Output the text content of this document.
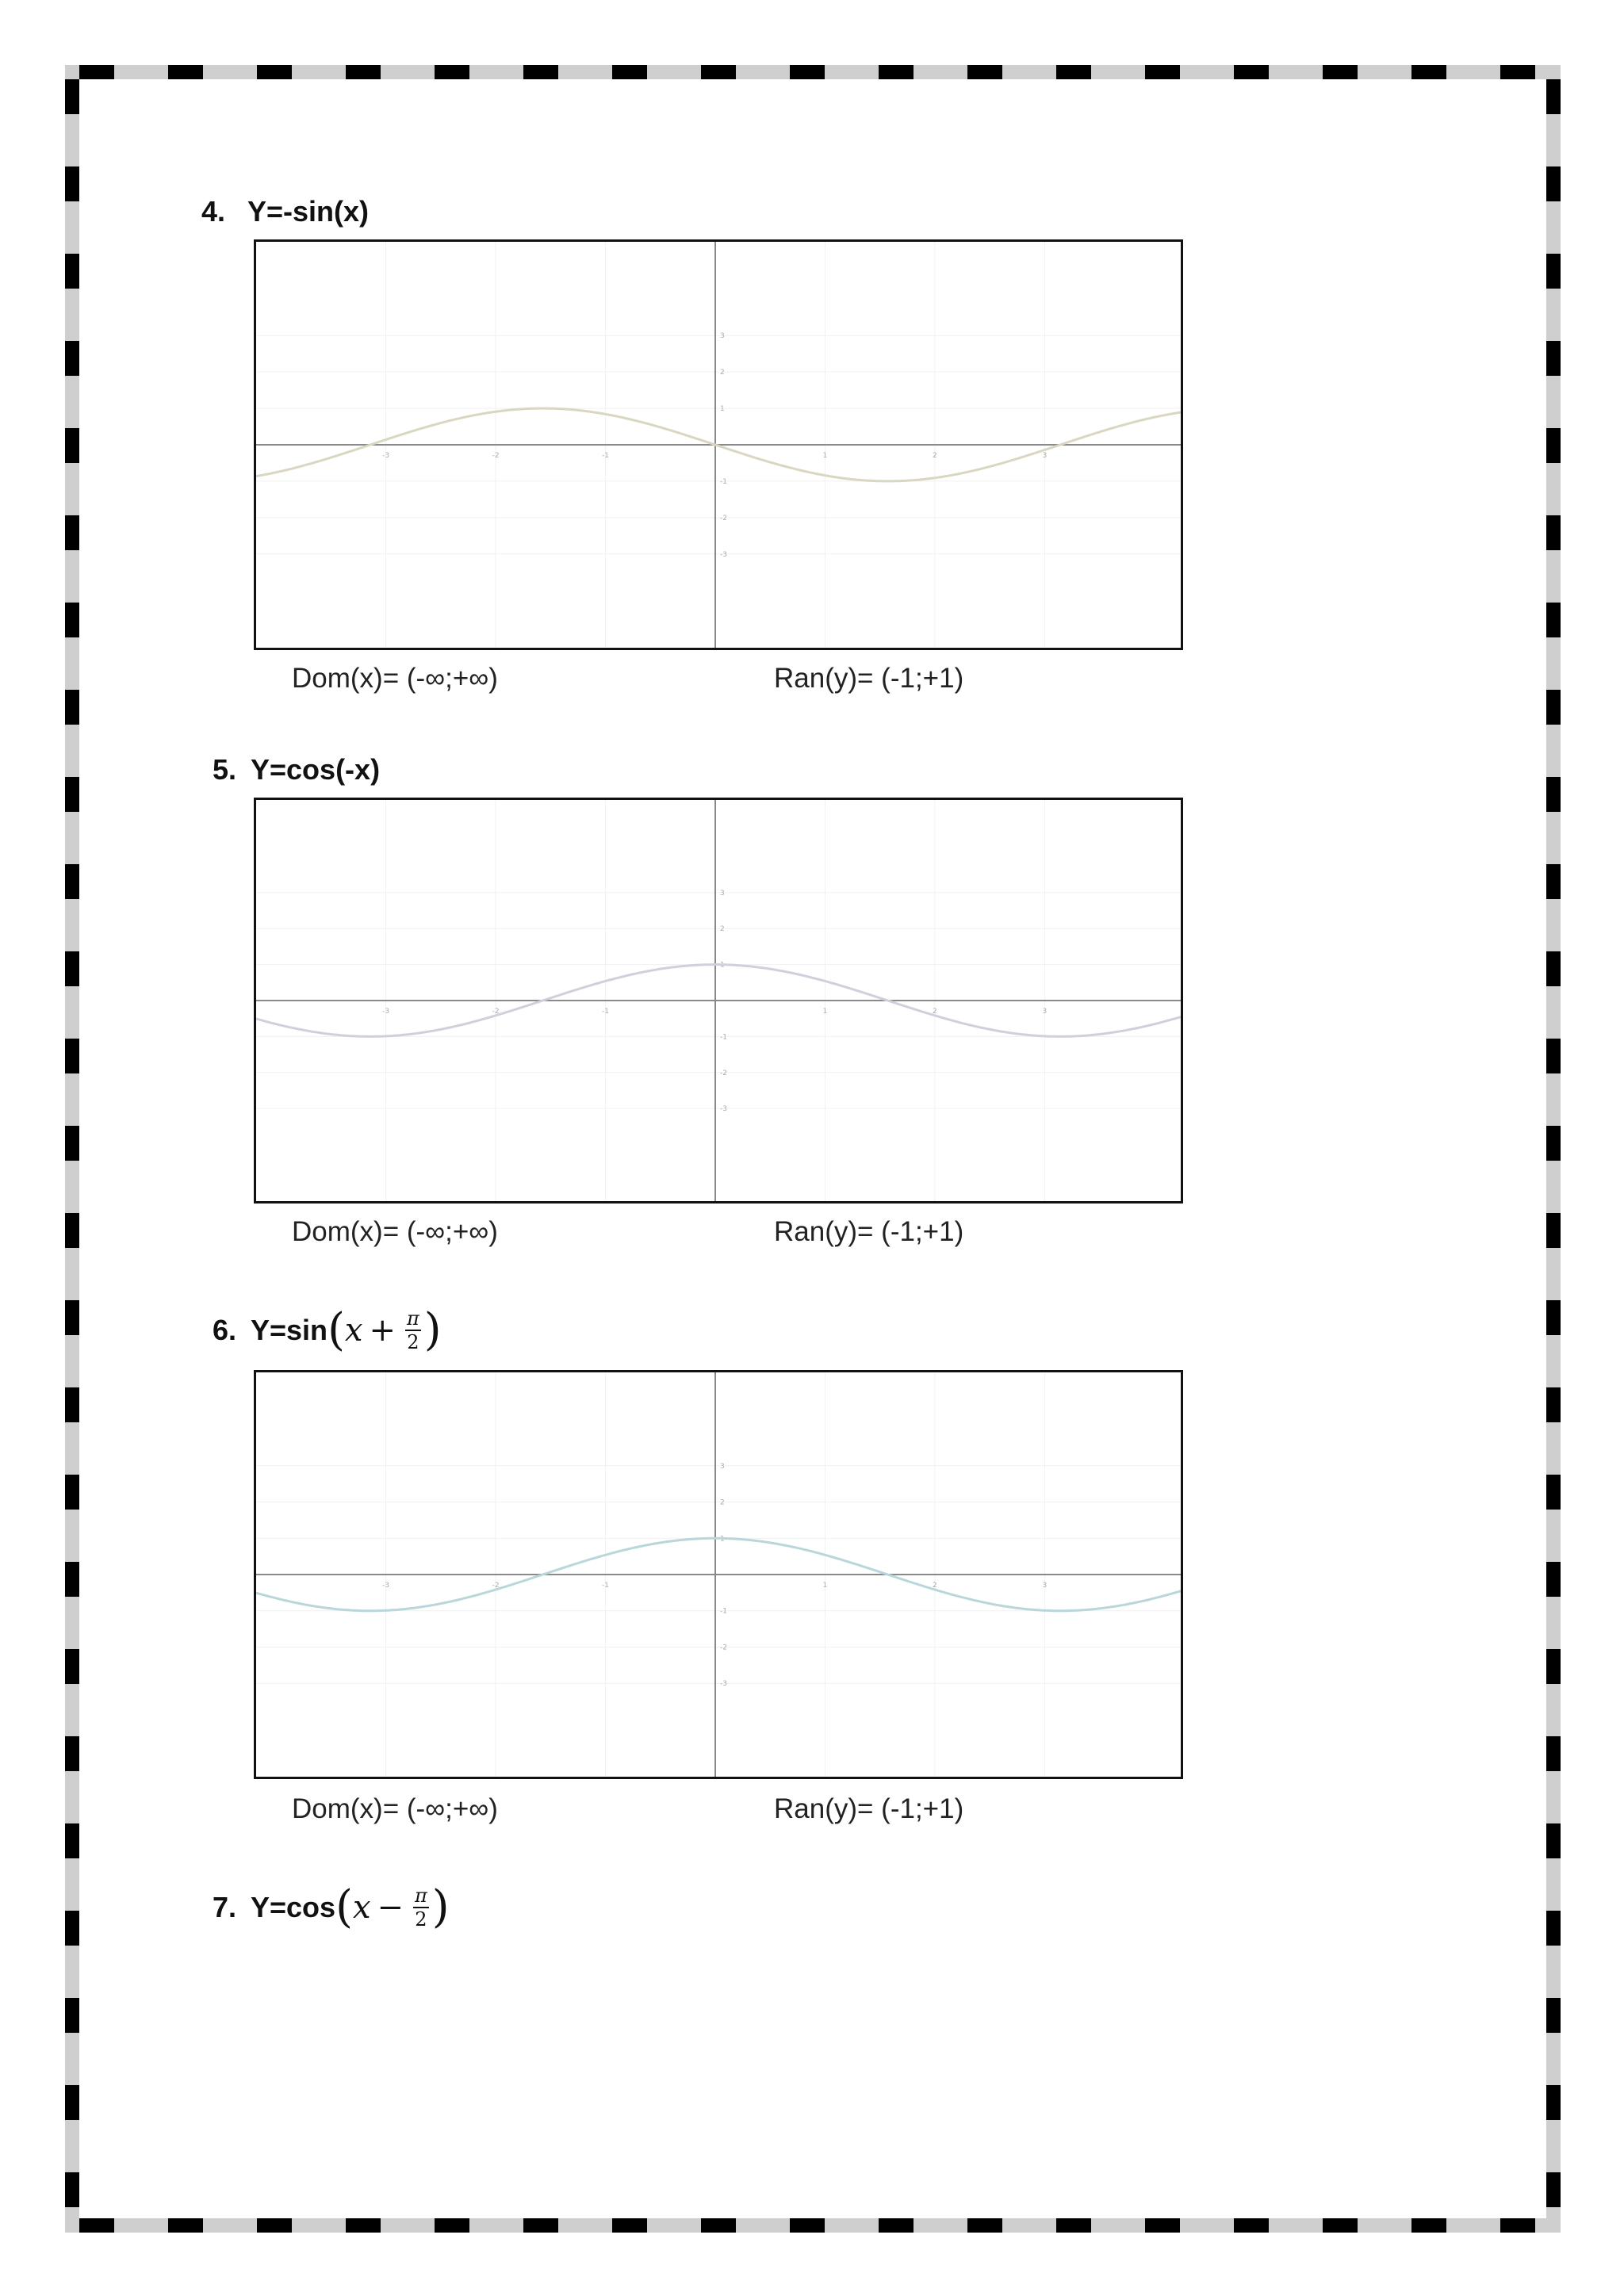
4. Y=-sin(x)
-3	-2	-1	1	2	3
-3
-2
-1
1
2
3
Dom(x)= (-∞;+∞)	Ran(y)= (-1;+1)
5. Y=cos(-x)
-3	-2	-1	1	2	3
-3
-2
-1
1
2
3
Dom(x)= (-∞;+∞)	Ran(y)= (-1;+1)
6. Y=sin ( $x + \frac{\pi}{2}$ )
-3	-2	-1	1	2	3
-3
-2
-1
1
2
3
Dom(x)= (-∞;+∞)	Ran(y)= (-1;+1)
7. Y=cos ( $x - \frac{\pi}{2}$ )
